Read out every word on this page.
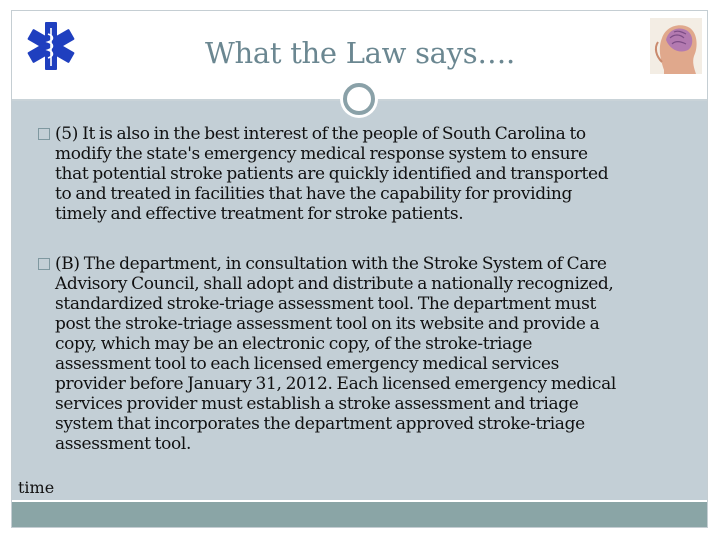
What the Law says….
(5) It is also in the best interest of the people of South Carolina to
modify the state's emergency medical response system to ensure
that potential stroke patients are quickly identified and transported
to and treated in facilities that have the capability for providing
timely and effective treatment for stroke patients.
(B) The department, in consultation with the Stroke System of Care
Advisory Council, shall adopt and distribute a nationally recognized,
standardized stroke-triage assessment tool. The department must
post the stroke-triage assessment tool on its website and provide a
copy, which may be an electronic copy, of the stroke-triage
assessment tool to each licensed emergency medical services
provider before January 31, 2012. Each licensed emergency medical
services provider must establish a stroke assessment and triage
system that incorporates the department approved stroke-triage
assessment tool.
time
